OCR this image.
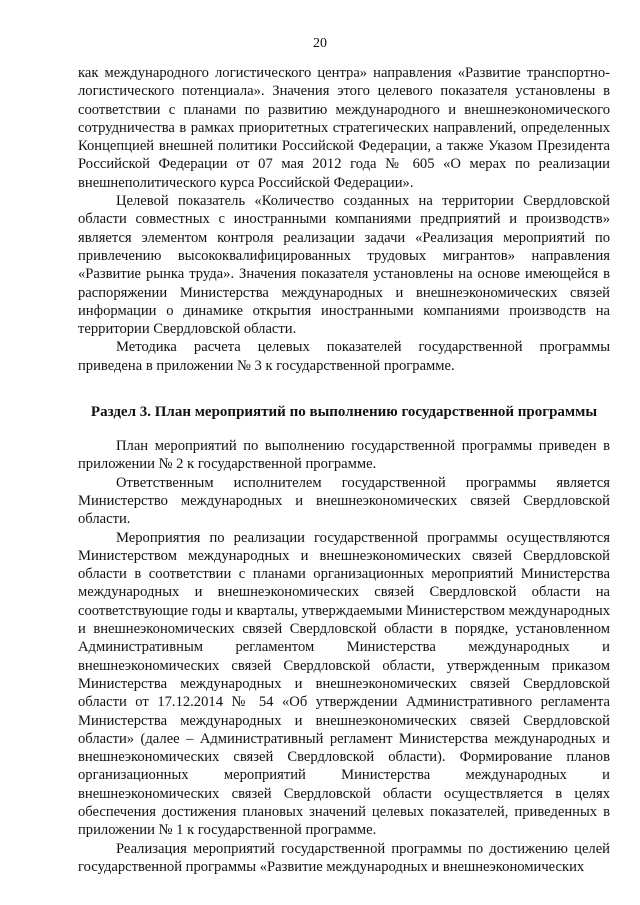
20

как международного логистического центра» направления «Развитие транспортно-логистического потенциала». Значения этого целевого показателя установлены в соответствии с планами по развитию международного и внешнеэкономического сотрудничества в рамках приоритетных стратегических направлений, определенных Концепцией внешней политики Российской Федерации, а также Указом Президента Российской Федерации от 07 мая 2012 года № 605 «О мерах по реализации внешнеполитического курса Российской Федерации».

Целевой показатель «Количество созданных на территории Свердловской области совместных с иностранными компаниями предприятий и производств» является элементом контроля реализации задачи «Реализация мероприятий по привлечению высококвалифицированных трудовых мигрантов» направления «Развитие рынка труда». Значения показателя установлены на основе имеющейся в распоряжении Министерства международных и внешнеэкономических связей информации о динамике открытия иностранными компаниями производств на территории Свердловской области.

Методика расчета целевых показателей государственной программы приведена в приложении № 3 к государственной программе.

Раздел 3. План мероприятий по выполнению государственной программы

План мероприятий по выполнению государственной программы приведен в приложении № 2 к государственной программе.

Ответственным исполнителем государственной программы является Министерство международных и внешнеэкономических связей Свердловской области.

Мероприятия по реализации государственной программы осуществляются Министерством международных и внешнеэкономических связей Свердловской области в соответствии с планами организационных мероприятий Министерства международных и внешнеэкономических связей Свердловской области на соответствующие годы и кварталы, утверждаемыми Министерством международных и внешнеэкономических связей Свердловской области в порядке, установленном Административным регламентом Министерства международных и внешнеэкономических связей Свердловской области, утвержденным приказом Министерства международных и внешнеэкономических связей Свердловской области от 17.12.2014 № 54 «Об утверждении Административного регламента Министерства международных и внешнеэкономических связей Свердловской области» (далее – Административный регламент Министерства международных и внешнеэкономических связей Свердловской области). Формирование планов организационных мероприятий Министерства международных и внешнеэкономических связей Свердловской области осуществляется в целях обеспечения достижения плановых значений целевых показателей, приведенных в приложении № 1 к государственной программе.

Реализация мероприятий государственной программы по достижению целей государственной программы «Развитие международных и внешнеэкономических
